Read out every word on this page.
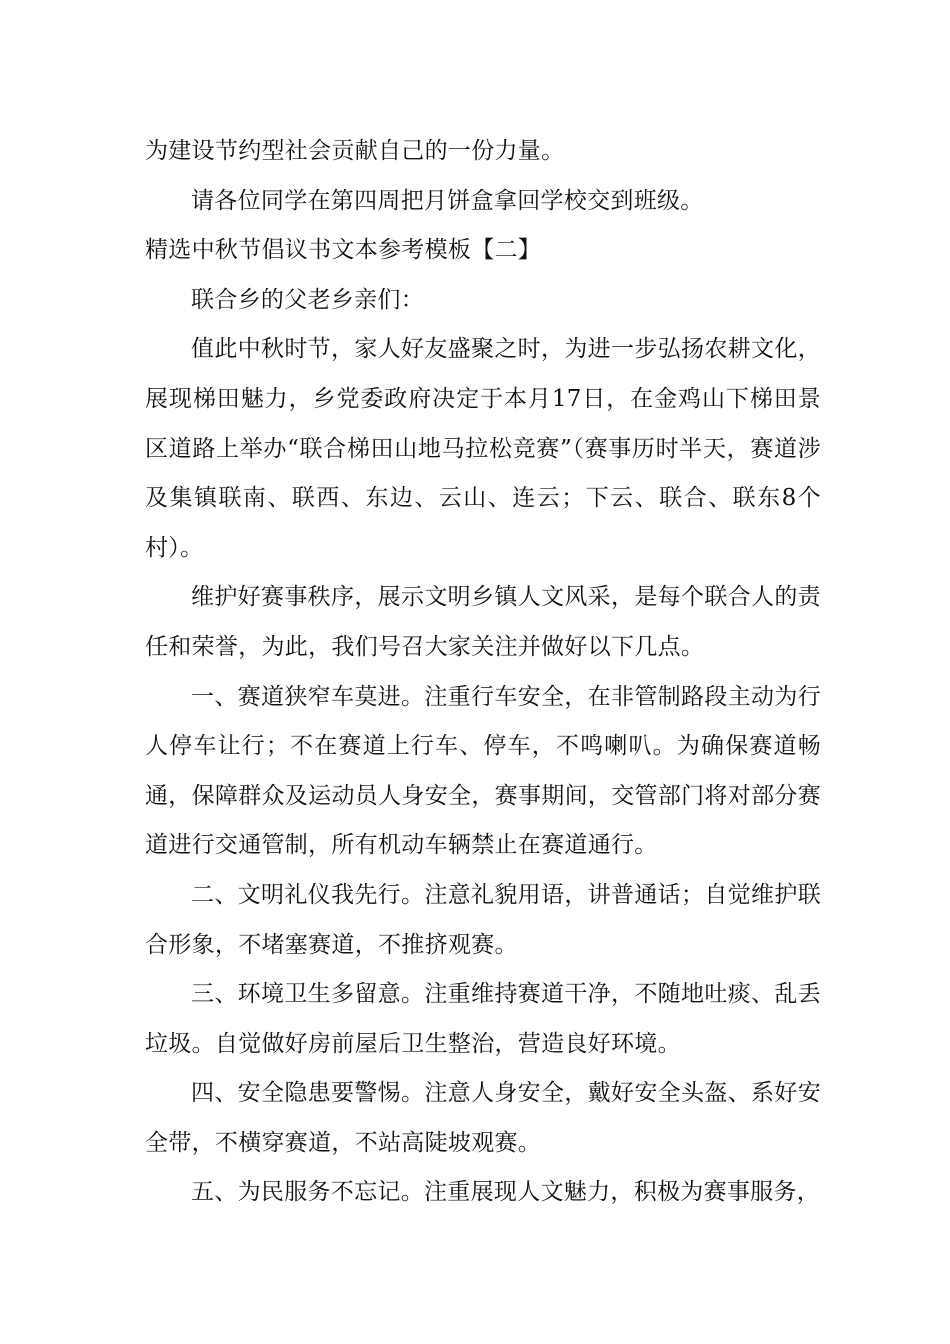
为建设节约型社会贡献自己的一份力量。

请各位同学在第四周把月饼盒拿回学校交到班级。

精选中秋节倡议书文本参考模板【二】

联合乡的父老乡亲们：

值此中秋时节，家人好友盛聚之时，为进一步弘扬农耕文化，展现梯田魅力，乡党委政府决定于本月17日，在金鸡山下梯田景区道路上举办“联合梯田山地马拉松竞赛”（赛事历时半天，赛道涉及集镇联南、联西、东边、云山、连云；下云、联合、联东8个村）。

维护好赛事秩序，展示文明乡镇人文风采，是每个联合人的责任和荣誉，为此，我们号召大家关注并做好以下几点。

一、赛道狭窄车莫进。注重行车安全，在非管制路段主动为行人停车让行；不在赛道上行车、停车，不鸣喇叭。为确保赛道畅通，保障群众及运动员人身安全，赛事期间，交管部门将对部分赛道进行交通管制，所有机动车辆禁止在赛道通行。

二、文明礼仪我先行。注意礼貌用语，讲普通话；自觉维护联合形象，不堵塞赛道，不推挤观赛。

三、环境卫生多留意。注重维持赛道干净，不随地吐痰、乱丢垃圾。自觉做好房前屋后卫生整治，营造良好环境。

四、安全隐患要警惕。注意人身安全，戴好安全头盔、系好安全带，不横穿赛道，不站高陡坡观赛。

五、为民服务不忘记。注重展现人文魅力，积极为赛事服务，
